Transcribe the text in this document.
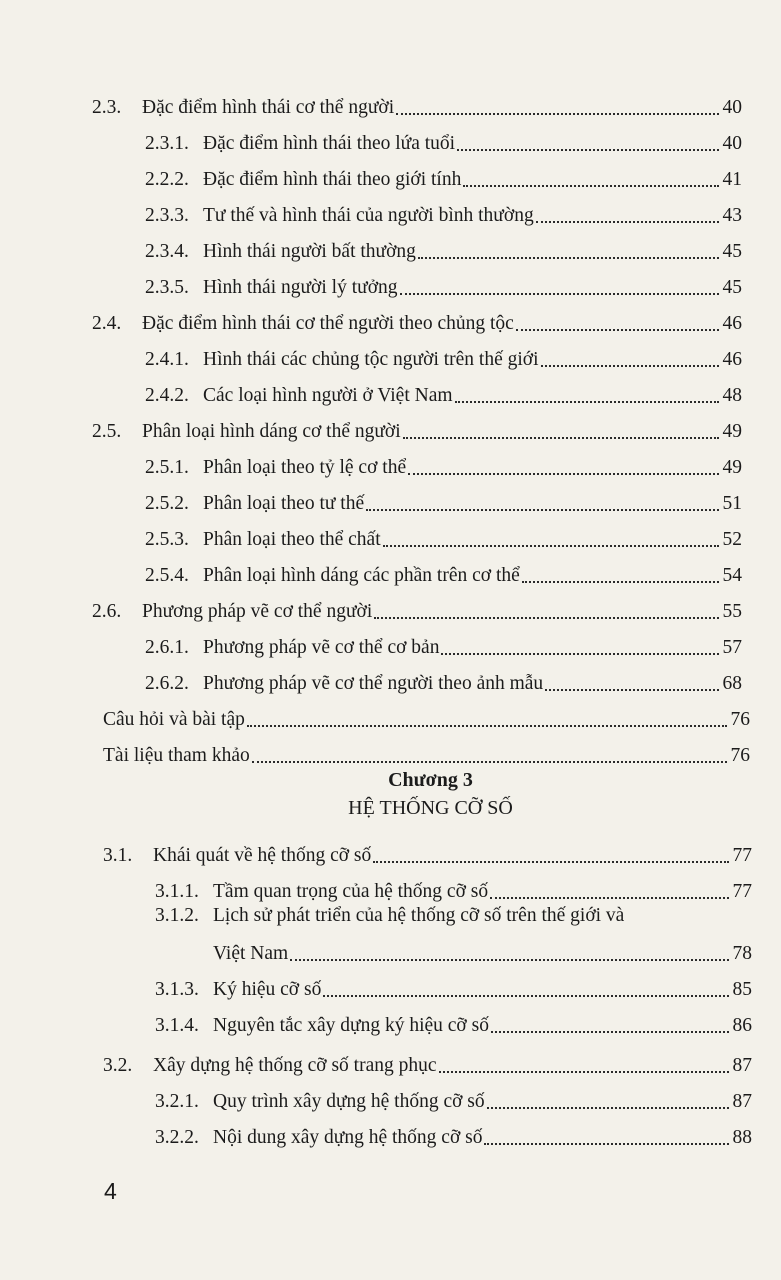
2.3.	Đặc điểm hình thái cơ thể người	40
2.3.1. Đặc điểm hình thái theo lứa tuổi	40
2.2.2. Đặc điểm hình thái theo giới tính	41
2.3.3. Tư thế và hình thái của người bình thường	43
2.3.4. Hình thái người bất thường	45
2.3.5. Hình thái người lý tưởng	45
2.4.	Đặc điểm hình thái cơ thể người theo chủng tộc	46
2.4.1. Hình thái các chủng tộc người trên thế giới	46
2.4.2. Các loại hình người ở Việt Nam	48
2.5.	Phân loại hình dáng cơ thể người	49
2.5.1. Phân loại theo tỷ lệ cơ thể	49
2.5.2. Phân loại theo tư thế	51
2.5.3. Phân loại theo thể chất	52
2.5.4. Phân loại hình dáng các phần trên cơ thể	54
2.6.	Phương pháp vẽ cơ thể người	55
2.6.1. Phương pháp vẽ cơ thể cơ bản	57
2.6.2. Phương pháp vẽ cơ thể người theo ảnh mẫu	68
Câu hỏi và bài tập	76
Tài liệu tham khảo	76
Chương 3
HỆ THỐNG CỠ SỐ
3.1.	Khái quát về hệ thống cỡ số	77
3.1.1. Tầm quan trọng của hệ thống cỡ số	77
3.1.2. Lịch sử phát triển của hệ thống cỡ số trên thế giới và
Việt Nam	78
3.1.3. Ký hiệu cỡ số	85
3.1.4. Nguyên tắc xây dựng ký hiệu cỡ số	86
3.2.	Xây dựng hệ thống cỡ số trang phục	87
3.2.1. Quy trình xây dựng hệ thống cỡ số	87
3.2.2. Nội dung xây dựng hệ thống cỡ số	88
4
